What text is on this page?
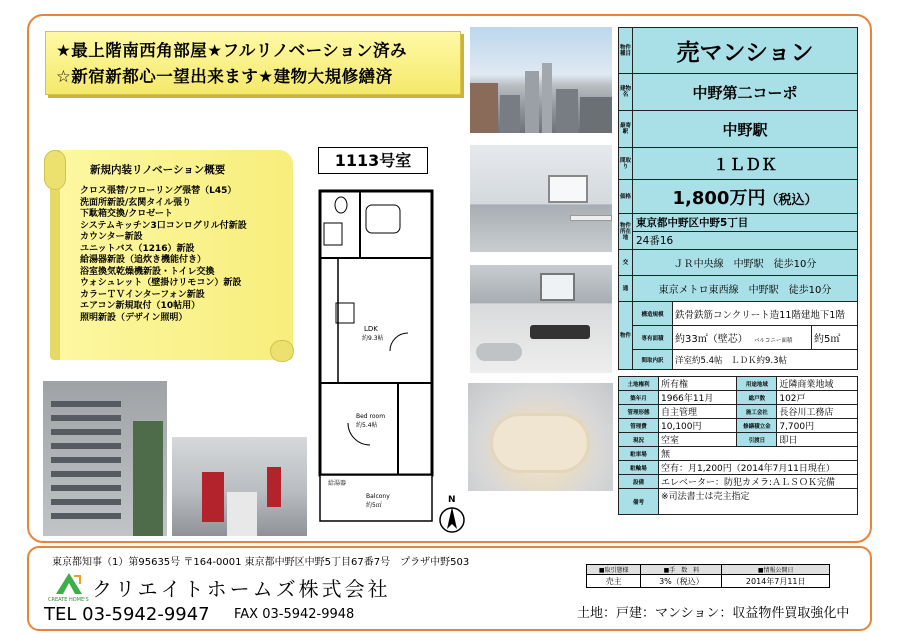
★最上階南西角部屋★フルリノベーション済み
☆新宿新都心一望出来ます★建物大規修繕済
新規内装リノベーション概要
クロス張替/フローリング張替（L45）
洗面所新設/玄関タイル張り
下駄箱交換/クロゼート
システムキッチン3口コンログリル付新設
カウンター新設
ユニットバス（1216）新設
給湯器新設（追炊き機能付き）
浴室換気乾燥機新設・トイレ交換
ウォシュレット（壁掛けリモコン）新設
カラーＴＶインターフォン新設
エアコン新規取付（10帖用）
照明新設（デザイン照明）
1113号室
給湯器
LDK
約9.3帖
Bed room
約5.4帖
Balcony
約5㎡
N
物件種目	売マンション		
建物名	中野第二コーポ		
最寄駅	中野駅		
間取り	１ＬＤＫ		
価格	1,800万円（税込）		
物件所在地	東京都中野区中野5丁目		
	24番16		
交	ＪＲ中央線　 中野駅　 徒歩10分		
通	東京メトロ東西線　 中野駅　 徒歩10分		
物件	構造規模	鉄骨鉄筋コンクリート造11階建地下1階	
	専有面積	約33㎡（壁芯） バルコニー面積	約5㎡
	間取内訳	洋室約5.4帖　ＬＤＫ約9.3帖	
土地権利	所有権	用途地域	近隣商業地域
築年月	1966年11月	総戸数	102戸
管理形態	自主管理	施工会社	長谷川工務店
管理費	10,100円	修繕積立金	7,700円
現況	空室	引渡日	即日
駐車場	無		
駐輪場	空有：月1,200円（2014年7月11日現在）		
設備	エレベーター：防犯カメラ:ＡＬＳＯＫ完備		
備考	※司法書士は売主指定		
東京都知事（1）第95635号 〒164-0001 東京都中野区中野5丁目67番7号　プラザ中野503
CREATE HOME'S クリエイトホームズ株式会社
TEL 03-5942-9947 FAX 03-5942-9948
■取引態様	■手　数　料	■情報公開日
売主	3%（税込）	2014年7月11日
土地：戸建：マンション：収益物件買取強化中
